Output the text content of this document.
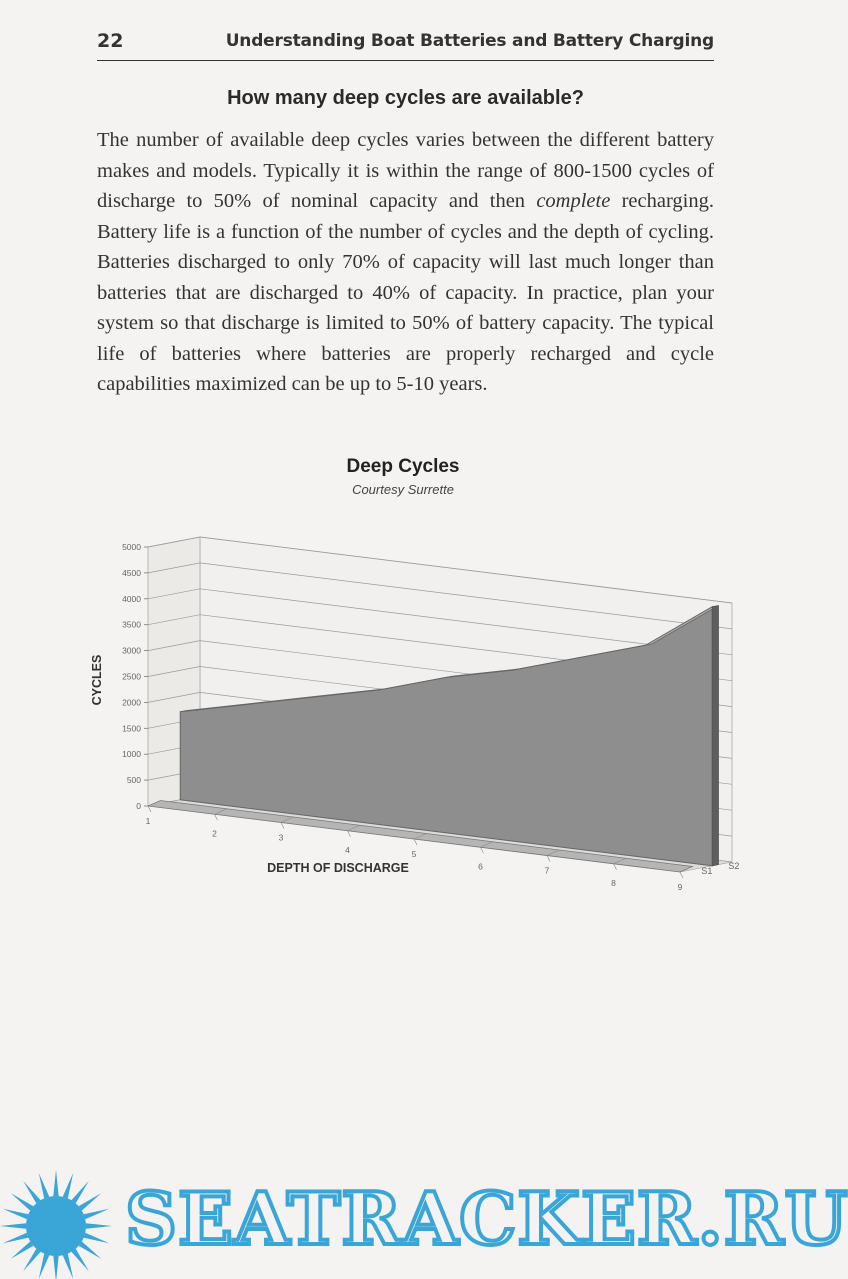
22	Understanding Boat Batteries and Battery Charging
How many deep cycles are available?

The number of available deep cycles varies between the different battery makes and models. Typically it is within the range of 800-1500 cycles of discharge to 50% of nominal capacity and then complete recharging. Battery life is a function of the number of cycles and the depth of cycling. Batteries discharged to only 70% of capacity will last much longer than batteries that are discharged to 40% of capacity. In practice, plan your system so that discharge is limited to 50% of battery capacity. The typical life of batteries where batteries are properly recharged and cycle capabilities maximized can be up to 5-10 years.

Deep Cycles
Courtesy Surrette
0
500
1000
1500
2000
2500
3000
3500
4000
4500
5000
1
2	3
4	5
6	7
8	9
S1
S2
CYCLES
DEPTH OF DISCHARGE
SEATRACKER.RU
